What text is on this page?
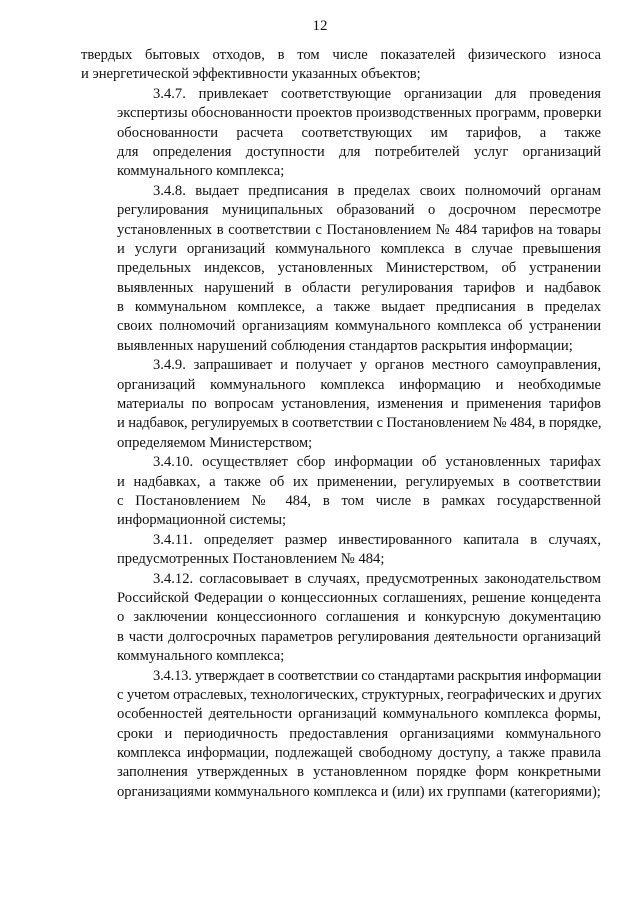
12
твердых бытовых отходов, в том числе показателей физического износа
и энергетической эффективности указанных объектов;
3.4.7. привлекает соответствующие организации для проведения
экспертизы обоснованности проектов производственных программ, проверки
обоснованности расчета соответствующих им тарифов, а также
для определения доступности для потребителей услуг организаций
коммунального комплекса;
3.4.8. выдает предписания в пределах своих полномочий органам
регулирования муниципальных образований о досрочном пересмотре
установленных в соответствии с Постановлением № 484 тарифов на товары
и услуги организаций коммунального комплекса в случае превышения
предельных индексов, установленных Министерством, об устранении
выявленных нарушений в области регулирования тарифов и надбавок
в коммунальном комплексе, а также выдает предписания в пределах
своих полномочий организациям коммунального комплекса об устранении
выявленных нарушений соблюдения стандартов раскрытия информации;
3.4.9. запрашивает и получает у органов местного самоуправления,
организаций коммунального комплекса информацию и необходимые
материалы по вопросам установления, изменения и применения тарифов
и надбавок, регулируемых в соответствии с Постановлением № 484, в порядке,
определяемом Министерством;
3.4.10. осуществляет сбор информации об установленных тарифах
и надбавках, а также об их применении, регулируемых в соответствии
с Постановлением № 484, в том числе в рамках государственной
информационной системы;
3.4.11. определяет размер инвестированного капитала в случаях,
предусмотренных Постановлением № 484;
3.4.12. согласовывает в случаях, предусмотренных законодательством
Российской Федерации о концессионных соглашениях, решение концедента
о заключении концессионного соглашения и конкурсную документацию
в части долгосрочных параметров регулирования деятельности организаций
коммунального комплекса;
3.4.13. утверждает в соответствии со стандартами раскрытия информации
с учетом отраслевых, технологических, структурных, географических и других
особенностей деятельности организаций коммунального комплекса формы,
сроки и периодичность предоставления организациями коммунального
комплекса информации, подлежащей свободному доступу, а также правила
заполнения утвержденных в установленном порядке форм конкретными
организациями коммунального комплекса и (или) их группами (категориями);
